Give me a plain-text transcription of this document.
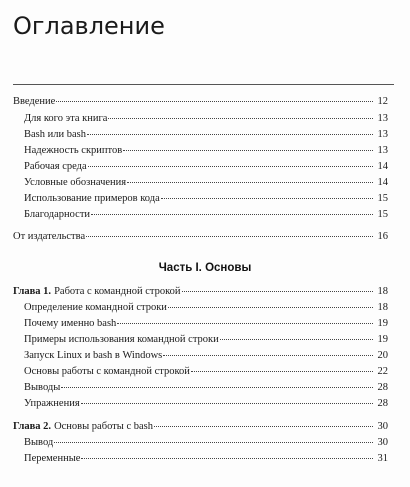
Оглавление
Введение	12
Для кого эта книга	13
Bash или bash	13
Надежность скриптов	13
Рабочая среда	14
Условные обозначения	14
Использование примеров кода	15
Благодарности	15
От издательства	16
Часть I. Основы
Глава 1. Работа с командной строкой	18
Определение командной строки	18
Почему именно bash	19
Примеры использования командной строки	19
Запуск Linux и bash в Windows	20
Основы работы с командной строкой	22
Выводы	28
Упражнения	28
Глава 2. Основы работы с bash	30
Вывод	30
Переменные	31
